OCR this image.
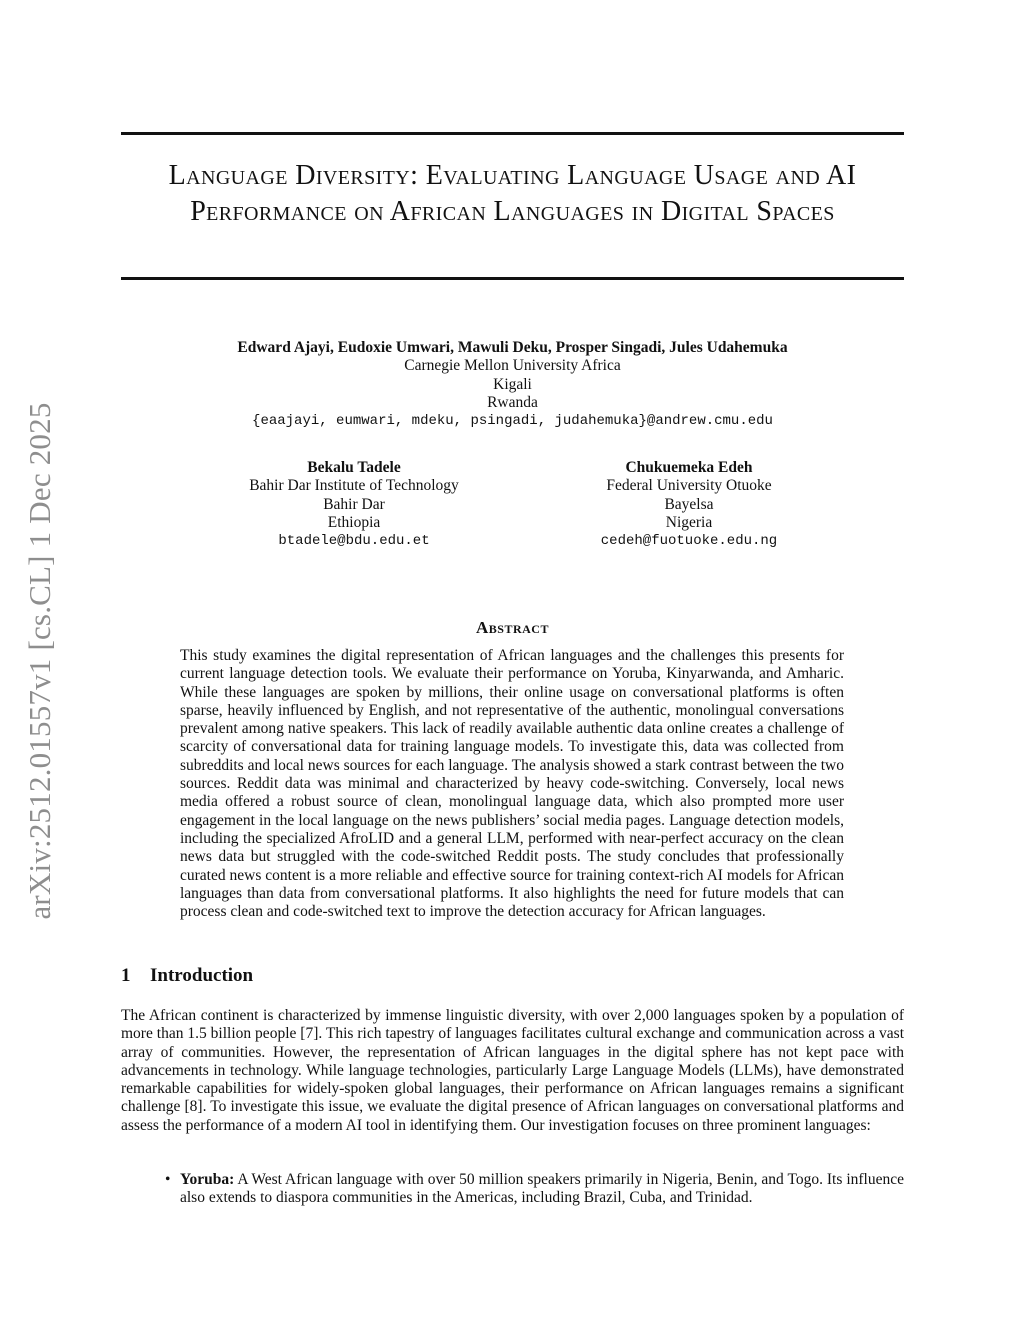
arXiv:2512.01557v1 [cs.CL] 1 Dec 2025
Language Diversity: Evaluating Language Usage and AI Performance on African Languages in Digital Spaces
Edward Ajayi, Eudoxie Umwari, Mawuli Deku, Prosper Singadi, Jules Udahemuka
Carnegie Mellon University Africa
Kigali
Rwanda
{eaajayi, eumwari, mdeku, psingadi, judahemuka}@andrew.cmu.edu
Bekalu Tadele
Bahir Dar Institute of Technology
Bahir Dar
Ethiopia
btadele@bdu.edu.et
Chukuemeka Edeh
Federal University Otuoke
Bayelsa
Nigeria
cedeh@fuotuoke.edu.ng
Abstract
This study examines the digital representation of African languages and the challenges this presents for current language detection tools. We evaluate their performance on Yoruba, Kinyarwanda, and Amharic. While these languages are spoken by millions, their online usage on conversational platforms is often sparse, heavily influenced by English, and not representative of the authentic, monolingual conversations prevalent among native speakers. This lack of readily available authentic data online creates a challenge of scarcity of conversational data for training language models. To investigate this, data was collected from subreddits and local news sources for each language. The analysis showed a stark contrast between the two sources. Reddit data was minimal and characterized by heavy code-switching. Conversely, local news media offered a robust source of clean, monolingual language data, which also prompted more user engagement in the local language on the news publishers’ social media pages. Language detection models, including the specialized AfroLID and a general LLM, performed with near-perfect accuracy on the clean news data but struggled with the code-switched Reddit posts. The study concludes that professionally curated news content is a more reliable and effective source for training context-rich AI models for African languages than data from conversational platforms. It also highlights the need for future models that can process clean and code-switched text to improve the detection accuracy for African languages.
1 Introduction
The African continent is characterized by immense linguistic diversity, with over 2,000 languages spoken by a population of more than 1.5 billion people [7]. This rich tapestry of languages facilitates cultural exchange and communication across a vast array of communities. However, the representation of African languages in the digital sphere has not kept pace with advancements in technology. While language technologies, particularly Large Language Models (LLMs), have demonstrated remarkable capabilities for widely-spoken global languages, their performance on African languages remains a significant challenge [8]. To investigate this issue, we evaluate the digital presence of African languages on conversational platforms and assess the performance of a modern AI tool in identifying them. Our investigation focuses on three prominent languages:
• Yoruba: A West African language with over 50 million speakers primarily in Nigeria, Benin, and Togo. Its influence also extends to diaspora communities in the Americas, including Brazil, Cuba, and Trinidad.
